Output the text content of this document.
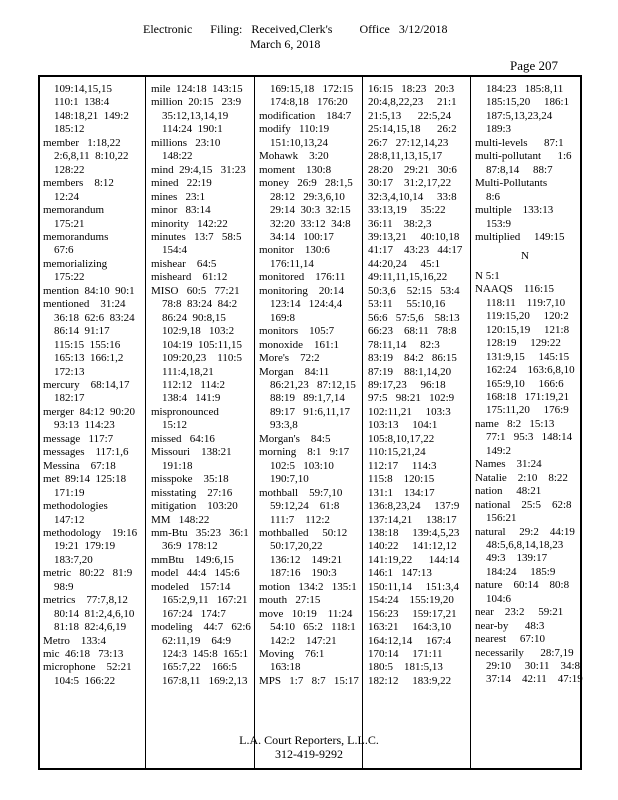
Electronic      Filing:   Received,Clerk's         Office   3/12/2018
March 6, 2018
Page 207
109:14,15,15
110:1  138:4
148:18,21  149:2
185:12
member   1:18,22
2:6,8,11  8:10,22
128:22
members    8:12
12:24
memorandum
175:21
memorandums
67:6
memorializing
175:22
mention  84:10  90:1
mentioned    31:24
36:18  62:6  83:24
86:14  91:17
115:15  155:16
165:13  166:1,2
172:13
mercury    68:14,17
182:17
merger  84:12  90:20
93:13  114:23
message   117:7
messages    117:1,6
Messina    67:18
met  89:14  125:18
171:19
methodologies
147:12
methodology    19:16
19:21  179:19
183:7,20
metric   80:22   81:9
98:9
metrics    77:7,8,12
80:14  81:2,4,6,10
81:18  82:4,6,19
Metro    133:4
mic  46:18   73:13
microphone    52:21
104:5  166:22
mile  124:18  143:15
million  20:15   23:9
35:12,13,14,19
114:24  190:1
millions   23:10
148:22
mind  29:4,15   31:23
mined   22:19
mines   23:1
minor   83:14
minority   142:22
minutes   13:7   58:5
154:4
mishear    64:5
misheard    61:12
MISO   60:5   77:21
78:8  83:24  84:2
86:24  90:8,15
102:9,18   103:2
104:19  105:11,15
109:20,23    110:5
111:4,18,21
112:12   114:2
138:4   141:9
mispronounced
15:12
missed   64:16
Missouri    138:21
191:18
misspoke    35:18
misstating    27:16
mitigation    103:20
MM   148:22
mm-Btu   35:23   36:1
36:9  178:12
mmBtu    149:6,15
model   44:4   145:6
modeled    157:14
165:2,9,11   167:21
167:24   174:7
modeling    44:7   62:6
62:11,19    64:9
124:3  145:8  165:1
165:7,22    166:5
167:8,11   169:2,13
169:15,18   172:15
174:8,18   176:20
modification    184:7
modify   110:19
151:10,13,24
Mohawk    3:20
moment    130:8
money   26:9   28:1,5
28:12   29:3,6,10
29:14  30:3  32:15
32:20  33:12  34:8
34:14   100:17
monitor    130:6
176:11,14
monitored    176:11
monitoring    20:14
123:14   124:4,4
169:8
monitors    105:7
monoxide    161:1
More's    72:2
Morgan    84:11
86:21,23   87:12,15
88:19   89:1,7,14
89:17   91:6,11,17
93:3,8
Morgan's    84:5
morning    8:1   9:17
102:5   103:10
190:7,10
mothball    59:7,10
59:12,24    61:8
111:7    112:2
mothballed     50:12
50:17,20,22
136:12    149:21
187:16    190:3
motion   134:2   135:1
mouth   27:15
move   10:19    11:24
54:10   65:2   118:1
142:2    147:21
Moving    76:1
163:18
MPS   1:7   8:7   15:17
16:15   18:23   20:3
20:4,8,22,23     21:1
21:5,13      22:5,24
25:14,15,18      26:2
26:7   27:12,14,23
28:8,11,13,15,17
28:20    29:21   30:6
30:17    31:2,17,22
32:3,4,10,14     33:8
33:13,19     35:22
36:11    38:2,3
39:13,21     40:10,18
41:17    43:23   44:17
44:20,24     45:1
49:11,11,15,16,22
50:3,6    52:15   53:4
53:11     55:10,16
56:6   57:5,6    58:13
66:23    68:11   78:8
78:11,14     82:3
83:19    84:2   86:15
87:19    88:1,14,20
89:17,23     96:18
97:5   98:21   102:9
102:11,21     103:3
103:13     104:1
105:8,10,17,22
110:15,21,24
112:17     114:3
115:8    120:15
131:1    134:17
136:8,23,24     137:9
137:14,21     138:17
138:18     139:4,5,23
140:22     141:12,12
141:19,22      144:14
146:1   147:13
150:11,14     151:3,4
154:24    155:19,20
156:23     159:17,21
163:21     164:3,10
164:12,14     167:4
170:14     171:11
180:5    181:5,13
182:12     183:9,22
184:23   185:8,11
185:15,20     186:1
187:5,13,23,24
189:3
multi-levels      87:1
multi-pollutant      1:6
87:8,14     88:7
Multi-Pollutants
8:6
multiple    133:13
153:9
multiplied     149:15
N
N 5:1
NAAQS    116:15
118:11    119:7,10
119:15,20     120:2
120:15,19     121:8
128:19     129:22
131:9,15     145:15
162:24    163:6,8,10
165:9,10     166:6
168:18   171:19,21
175:11,20     176:9
name   8:2   15:13
77:1   95:3   148:14
149:2
Names    31:24
Natalie    2:10    8:22
nation     48:21
national    25:5    62:8
156:21
natural     29:2    44:19
48:5,6,8,14,18,23
49:3    139:17
184:24     185:9
nature    60:14    80:8
104:6
near    23:2     59:21
near-by      48:3
nearest     67:10
necessarily      28:7,19
29:10     30:11    34:8
37:14    42:11    47:19
L.A. Court Reporters, L.L.C.
312-419-9292
